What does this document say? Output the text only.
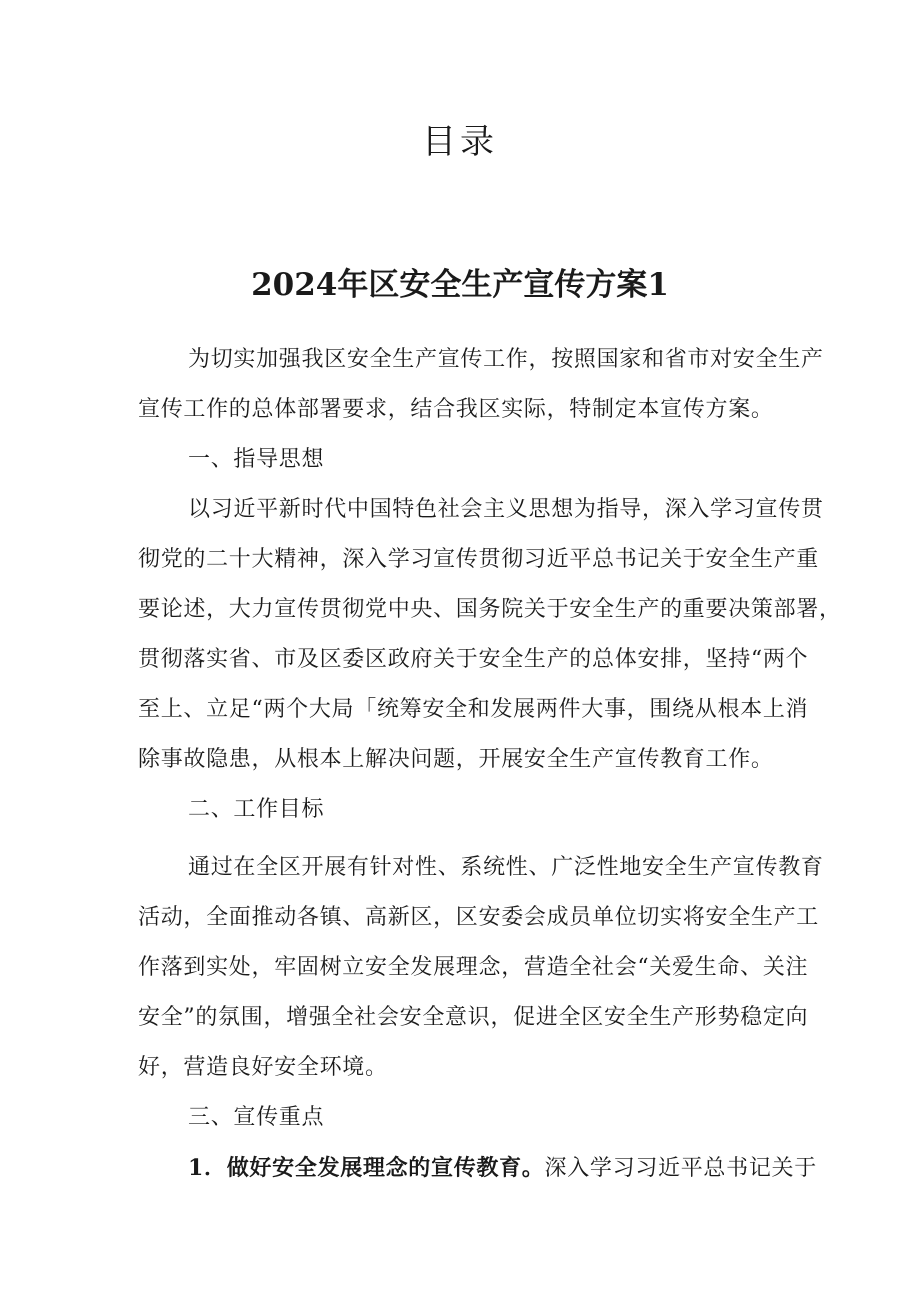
目录
2024年区安全生产宣传方案1
为切实加强我区安全生产宣传工作，按照国家和省市对安全生产
宣传工作的总体部署要求，结合我区实际，特制定本宣传方案。
一、指导思想
以习近平新时代中国特色社会主义思想为指导，深入学习宣传贯
彻党的二十大精神，深入学习宣传贯彻习近平总书记关于安全生产重
要论述，大力宣传贯彻党中央、国务院关于安全生产的重要决策部署，
贯彻落实省、市及区委区政府关于安全生产的总体安排，坚持“两个
至上、立足“两个大局「统筹安全和发展两件大事，围绕从根本上消
除事故隐患，从根本上解决问题，开展安全生产宣传教育工作。
二、工作目标
通过在全区开展有针对性、系统性、广泛性地安全生产宣传教育
活动，全面推动各镇、高新区，区安委会成员单位切实将安全生产工
作落到实处，牢固树立安全发展理念，营造全社会“关爱生命、关注
安全”的氛围，增强全社会安全意识，促进全区安全生产形势稳定向
好，营造良好安全环境。
三、宣传重点
1．做好安全发展理念的宣传教育。深入学习习近平总书记关于
